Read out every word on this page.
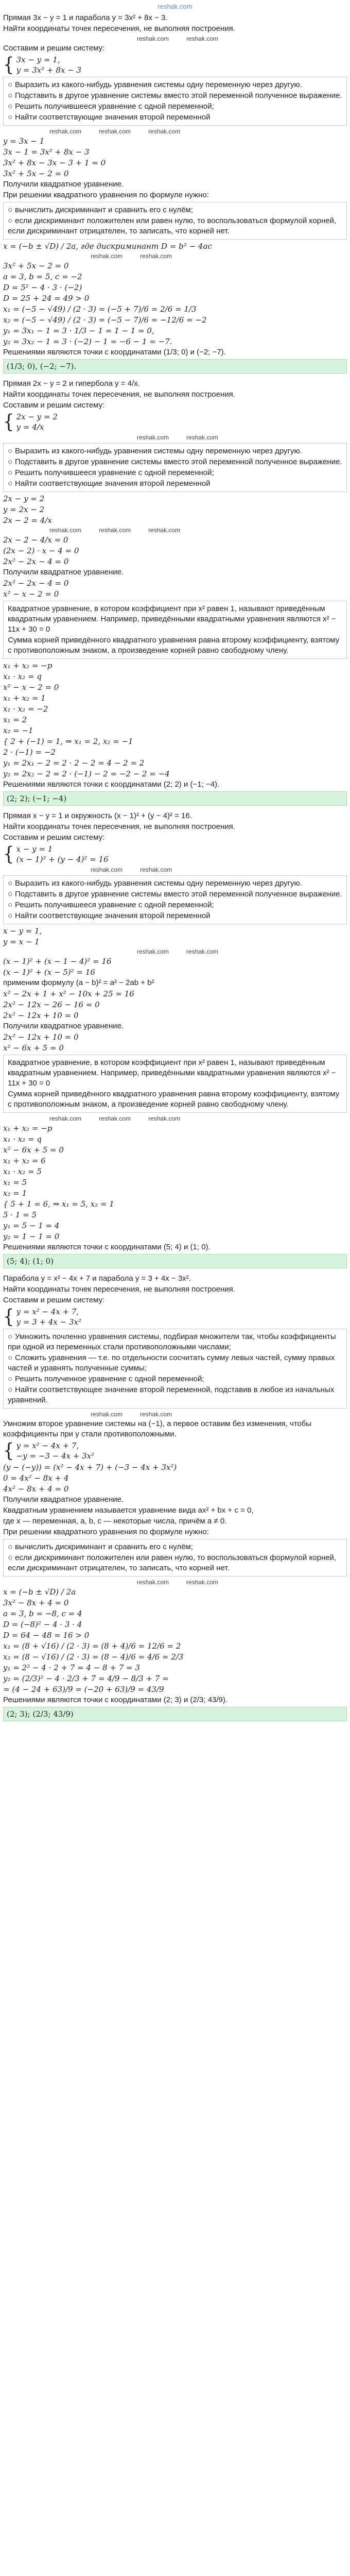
reshak.com
Прямая 3x − y = 1 и парабола y = 3x² + 8x − 3.
Найти координаты точек пересечения, не выполняя построения.
reshak.com	reshak.com
Составим и решим систему:
{ 3x − y = 1,
y = 3x² + 8x − 3
○ Выразить из какого-нибудь уравнения системы одну переменную через другую.
○ Подставить в другое уравнение системы вместо этой переменной полученное выражение.
○ Решить получившееся уравнение с одной переменной;
○ Найти соответствующие значения второй переменной
reshak.com	reshak.com	reshak.com
y = 3x − 1
3x − 1 = 3x² + 8x − 3
3x² + 8x − 3x − 3 + 1 = 0
3x² + 5x − 2 = 0
Получили квадратное уравнение.
При решении квадратного уравнения по формуле нужно:
○ вычислить дискриминант и сравнить его с нулём;
○ если дискриминант положителен или равен нулю, то воспользоваться формулой корней, если дискриминант отрицателен, то записать, что корней нет.
x = (−b ± √D) / 2a, где дискриминант D = b² − 4ac
reshak.com	reshak.com
3x² + 5x − 2 = 0
a = 3, b = 5, c = −2
D = 5² − 4 · 3 · (−2)
D = 25 + 24 = 49 > 0
x₁ = (−5 − √49) / (2 · 3) = (−5 + 7)/6 = 2/6 = 1/3
x₂ = (−5 − √49) / (2 · 3) = (−5 − 7)/6 = −12/6 = −2
y₁ = 3x₁ − 1 = 3 · 1/3 − 1 = 1 − 1 = 0,
y₂ = 3x₂ − 1 = 3 · (−2) − 1 = −6 − 1 = −7.
Решениями являются точки с координатами (1/3; 0) и (−2; −7).
(1/3; 0), (−2; −7).
Прямая 2x − y = 2 и гипербола y = 4/x.
Найти координаты точек пересечения, не выполняя построения.
Составим и решим систему:
{ 2x − y = 2
y = 4/x
reshak.com	reshak.com
○ Выразить из какого-нибудь уравнения системы одну переменную через другую.
○ Подставить в другое уравнение системы вместо этой переменной полученное выражение.
○ Решить получившееся уравнение с одной переменной;
○ Найти соответствующие значения второй переменной
2x − y = 2
y = 2x − 2
2x − 2 = 4/x
reshak.com	reshak.com	reshak.com
2x − 2 − 4/x = 0
(2x − 2) · x − 4 = 0
2x² − 2x − 4 = 0
Получили квадратное уравнение.
2x² − 2x − 4 = 0
x² − x − 2 = 0
Квадратное уравнение, в котором коэффициент при x² равен 1, называют приведённым квадратным уравнением. Например, приведёнными квадратными уравнения являются x² − 11x + 30 = 0
Сумма корней приведённого квадратного уравнения равна второму коэффициенту, взятому с противоположным знаком, а произведение корней равно свободному члену.
x₁ + x₂ = −p
x₁ · x₂ = q
x² − x − 2 = 0
x₁ + x₂ = 1
x₁ · x₂ = −2
x₁ = 2
x₂ = −1
{ 2 + (−1) = 1, ⇒ x₁ = 2, x₂ = −1
2 · (−1) = −2
y₁ = 2x₁ − 2 = 2 · 2 − 2 = 4 − 2 = 2
y₂ = 2x₂ − 2 = 2 · (−1) − 2 = −2 − 2 = −4
Решениями являются точки с координатами (2; 2) и (−1; −4).
(2; 2); (−1; −4)
Прямая x − y = 1 и окружность (x − 1)² + (y − 4)² = 16.
Найти координаты точек пересечения, не выполняя построения.
Составим и решим систему:
{ x − y = 1
(x − 1)² + (y − 4)² = 16
reshak.com	reshak.com
○ Выразить из какого-нибудь уравнения системы одну переменную через другую.
○ Подставить в другое уравнение системы вместо этой переменной полученное выражение.
○ Решить получившееся уравнение с одной переменной;
○ Найти соответствующие значения второй переменной
x − y = 1,
y = x − 1
reshak.com	reshak.com
(x − 1)² + (x − 1 − 4)² = 16
(x − 1)² + (x − 5)² = 16
применим формулу (a − b)² = a² − 2ab + b²
x² − 2x + 1 + x² − 10x + 25 = 16
2x² − 12x − 26 − 16 = 0
2x² − 12x + 10 = 0
Получили квадратное уравнение.
2x² − 12x + 10 = 0
x² − 6x + 5 = 0
Квадратное уравнение, в котором коэффициент при x² равен 1, называют приведённым квадратным уравнением. Например, приведёнными квадратными уравнения являются x² − 11x + 30 = 0
Сумма корней приведённого квадратного уравнения равна второму коэффициенту, взятому с противоположным знаком, а произведение корней равно свободному члену.
reshak.com	reshak.com	reshak.com
x₁ + x₂ = −p
x₁ · x₂ = q
x² − 6x + 5 = 0
x₁ + x₂ = 6
x₁ · x₂ = 5
x₁ = 5
x₂ = 1
{ 5 + 1 = 6, ⇒ x₁ = 5, x₂ = 1
5 · 1 = 5
y₁ = 5 − 1 = 4
y₂ = 1 − 1 = 0
Решениями являются точки с координатами (5; 4) и (1; 0).
(5; 4); (1; 0)
Парабола y = x² − 4x + 7 и парабола y = 3 + 4x − 3x².
Найти координаты точек пересечения, не выполняя построения.
Составим и решим систему:
{ y = x² − 4x + 7,
y = 3 + 4x − 3x²
○ Умножить почленно уравнения системы, подбирая множители так, чтобы коэффициенты при одной из переменных стали противоположными числами;
○ Сложить уравнения — т.е. по отдельности сосчитать сумму левых частей, сумму правых частей и уравнять полученные суммы;
○ Решить полученное уравнение с одной переменной;
○ Найти соответствующее значение второй переменной, подставив в любое из начальных уравнений.
reshak.com	reshak.com
Умножим второе уравнение системы на (−1), а первое оставим без изменения, чтобы коэффициенты при y стали противоположными.
{ y = x² − 4x + 7,
−y = −3 − 4x + 3x²
(y − (−y)) = (x² − 4x + 7) + (−3 − 4x + 3x²)
0 = 4x² − 8x + 4
4x² − 8x + 4 = 0
Получили квадратное уравнение.
Квадратным уравнением называется уравнение вида ax² + bx + c = 0,
где x — переменная, a, b, c — некоторые числа, причём a ≠ 0.
При решении квадратного уравнения по формуле нужно:
○ вычислить дискриминант и сравнить его с нулём;
○ если дискриминант положителен или равен нулю, то воспользоваться формулой корней, если дискриминант отрицателен, то записать, что корней нет.
reshak.com	reshak.com
x = (−b ± √D) / 2a
3x² − 8x + 4 = 0
a = 3, b = −8, c = 4
D = (−8)² − 4 · 3 · 4
D = 64 − 48 = 16 > 0
x₁ = (8 + √16) / (2 · 3) = (8 + 4)/6 = 12/6 = 2
x₂ = (8 − √16) / (2 · 3) = (8 − 4)/6 = 4/6 = 2/3
y₁ = 2² − 4 · 2 + 7 = 4 − 8 + 7 = 3
y₂ = (2/3)² − 4 · 2/3 + 7 = 4/9 − 8/3 + 7 =
= (4 − 24 + 63)/9 = (−20 + 63)/9 = 43/9
Решениями являются точки с координатами (2; 3) и (2/3; 43/9).
(2; 3); (2/3; 43/9)
